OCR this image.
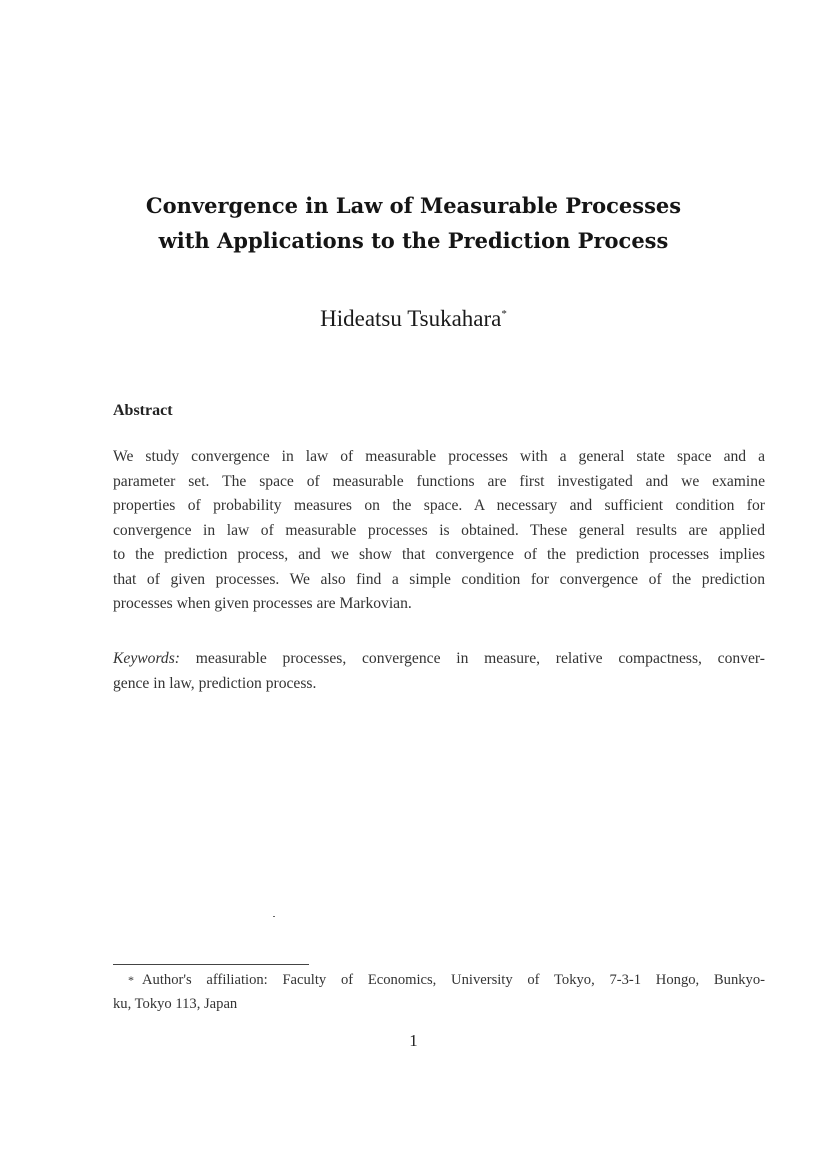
Convergence in Law of Measurable Processes
with Applications to the Prediction Process

Hideatsu Tsukahara*

Abstract
We study convergence in law of measurable processes with a general state space and a
parameter set. The space of measurable functions are first investigated and we examine
properties of probability measures on the space. A necessary and sufficient condition for
convergence in law of measurable processes is obtained. These general results are applied
to the prediction process, and we show that convergence of the prediction processes implies
that of given processes. We also find a simple condition for convergence of the prediction
processes when given processes are Markovian.
Keywords: measurable processes, convergence in measure, relative compactness, conver-
gence in law, prediction process.
* Author's affiliation: Faculty of Economics, University of Tokyo, 7-3-1 Hongo, Bunkyo-
ku, Tokyo 113, Japan
1
